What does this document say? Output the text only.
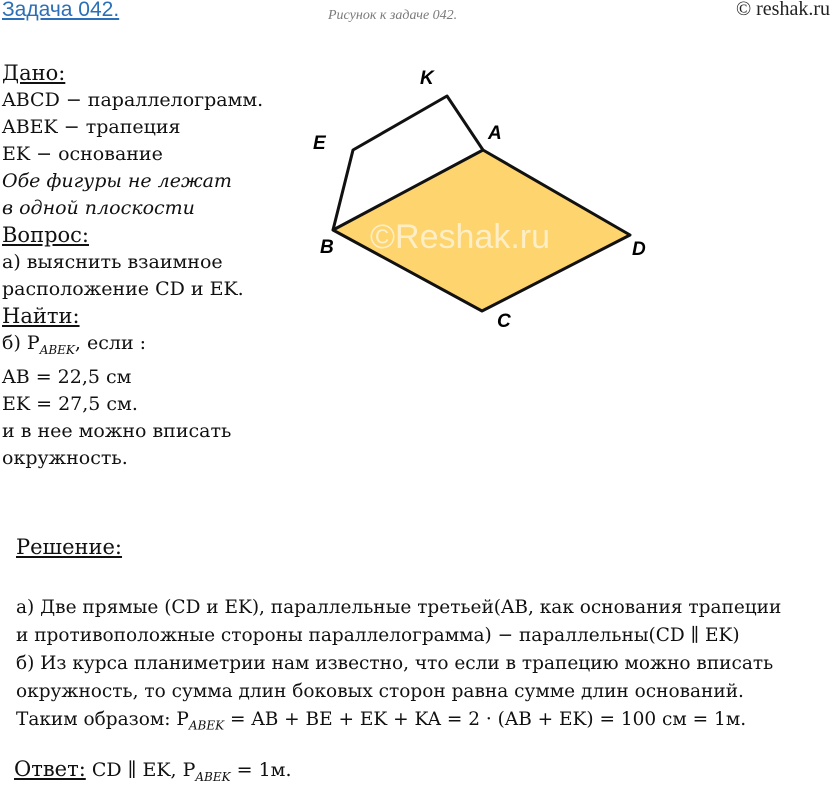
Задача 042.	Рисунок к задаче 042.	© reshak.ru
Дано:
ABCD − параллелограмм.
ABEK − трапеция
EK − основание
Обе фигуры не лежат
в одной плоскости
Вопрос:
а) выяснить взаимное
расположение CD и EK.
Найти:
б) $P_{ABEK}$, если :
AB = 22,5 см
EK = 27,5 см.
и в нее можно вписать
окружность.
©Reshak.ru
K
E	A
B	D
C
Решение:
а) Две прямые (CD и EK), параллельные третьей(AB, как основания трапеции
и противоположные стороны параллелограмма) − параллельны(CD ∥ EK)
б) Из курса планиметрии нам известно, что если в трапецию можно вписать
окружность, то сумма длин боковых сторон равна сумме длин оснований.
Таким образом: $P_{ABEK}$ = AB + BE + EK + KA = 2 · (AB + EK) = 100 см = 1м.
Ответ: CD ∥ EK, $P_{ABEK} = 1м$.
